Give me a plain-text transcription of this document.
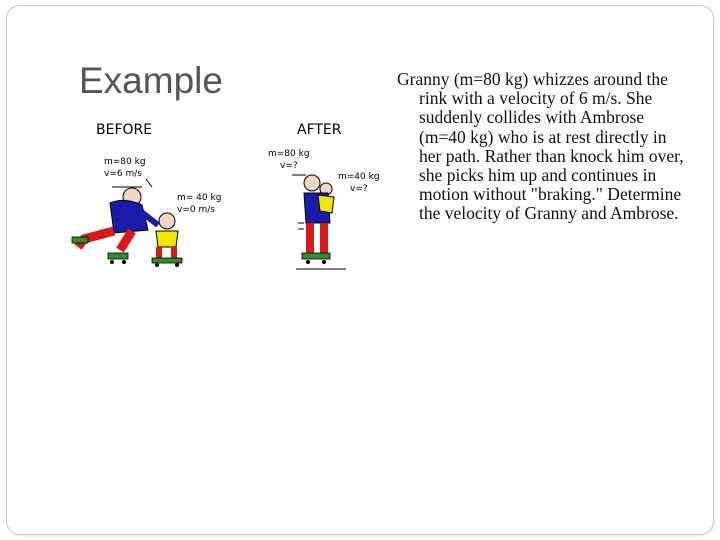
Example
BEFORE	AFTER
m=80 kg
v=6 m/s
m= 40 kg
v=0 m/s
m=80 kg
v=?
m=40 kg
v=?

Granny (m=80 kg) whizzes around the rink with a velocity of 6 m/s. She suddenly collides with Ambrose (m=40 kg) who is at rest directly in her path. Rather than knock him over, she picks him up and continues in motion without "braking." Determine the velocity of Granny and Ambrose.
